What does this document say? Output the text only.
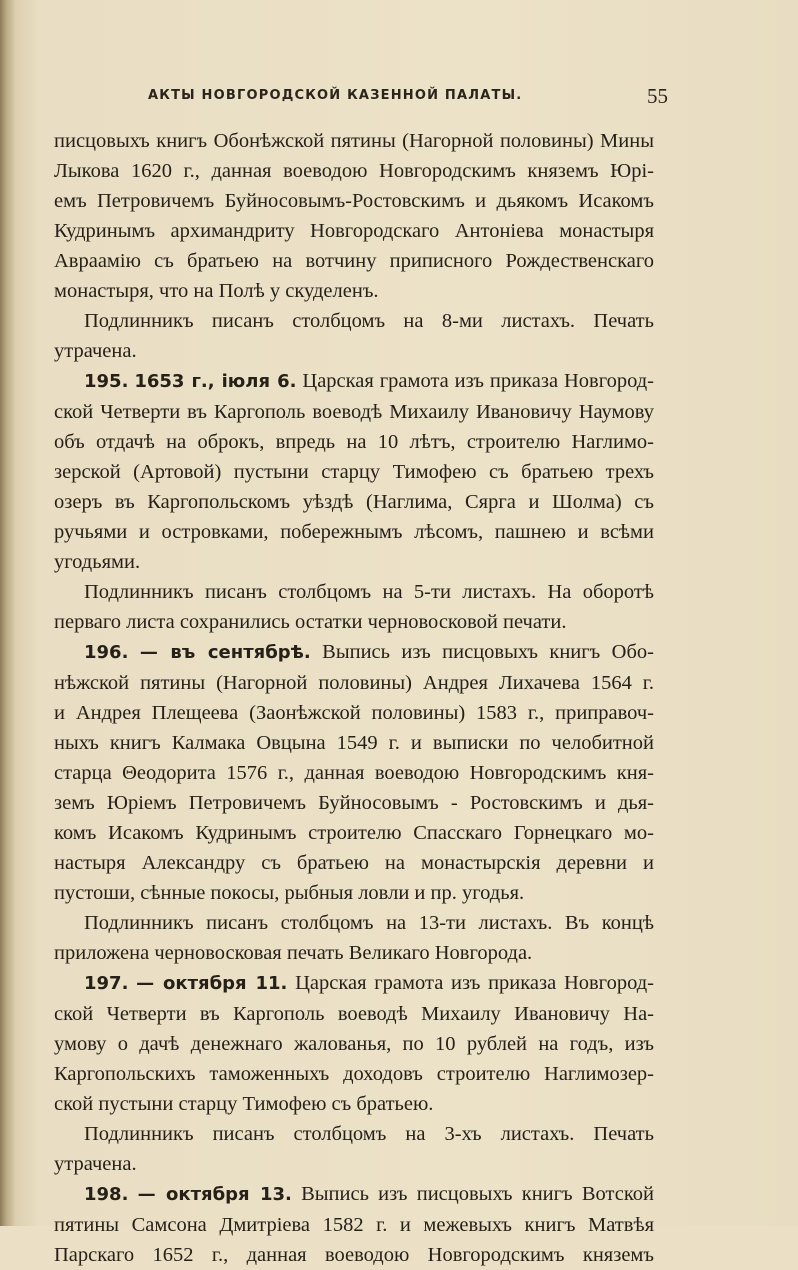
АКТЫ НОВГОРОДСКОЙ КАЗЕННОЙ ПАЛАТЫ.	55

писцовыхъ книгъ Обонѣжской пятины (Нагорной половины) Мины

Лыкова 1620 г., данная воеводою Новгородскимъ княземъ Юрі-

емъ Петровичемъ Буйносовымъ-Ростовскимъ и дьякомъ Исакомъ

Кудринымъ архимандриту Новгородскаго Антоніева монастыря

Авраамію съ братьею на вотчину приписного Рождественскаго

монастыря, что на Полѣ у скуделенъ.

Подлинникъ писанъ столбцомъ на 8-ми листахъ. Печать утрачена.

195. 1653 г., іюля 6. Царская грамота изъ приказа Новгород-

ской Четверти въ Каргополь воеводѣ Михаилу Ивановичу Наумову

объ отдачѣ на оброкъ, впредь на 10 лѣтъ, строителю Наглимо-

зерской (Артовой) пустыни старцу Тимофею съ братьею трехъ

озеръ въ Каргопольскомъ уѣздѣ (Наглима, Сярга и Шолма) съ

ручьями и островками, побережнымъ лѣсомъ, пашнею и всѣми

угодьями.

Подлинникъ писанъ столбцомъ на 5-ти листахъ. На оборотѣ

перваго листа сохранились остатки черновосковой печати.

196. — въ сентябрѣ. Выпись изъ писцовыхъ книгъ Обо-

нѣжской пятины (Нагорной половины) Андрея Лихачева 1564 г.

и Андрея Плещеева (Заонѣжской половины) 1583 г., приправоч-

ныхъ книгъ Калмака Овцына 1549 г. и выписки по челобитной

старца Θеодорита 1576 г., данная воеводою Новгородскимъ кня-

земъ Юріемъ Петровичемъ Буйносовымъ - Ростовскимъ и дья-

комъ Исакомъ Кудринымъ строителю Спасскаго Горнецкаго мо-

настыря Александру съ братьею на монастырскія деревни и

пустоши, сѣнные покосы, рыбныя ловли и пр. угодья.

Подлинникъ писанъ столбцомъ на 13-ти листахъ. Въ концѣ

приложена черновосковая печать Великаго Новгорода.

197. — октября 11. Царская грамота изъ приказа Новгород-

ской Четверти въ Каргополь воеводѣ Михаилу Ивановичу На-

умову о дачѣ денежнаго жалованья, по 10 рублей на годъ, изъ

Каргопольскихъ таможенныхъ доходовъ строителю Наглимозер-

ской пустыни старцу Тимофею съ братьею.

Подлинникъ писанъ столбцомъ на 3-хъ листахъ. Печать

утрачена.

198. — октября 13. Выпись изъ писцовыхъ книгъ Вотской

пятины Самсона Дмитріева 1582 г. и межевыхъ книгъ Матвѣя

Парскаго 1652 г., данная воеводою Новгородскимъ княземъ
